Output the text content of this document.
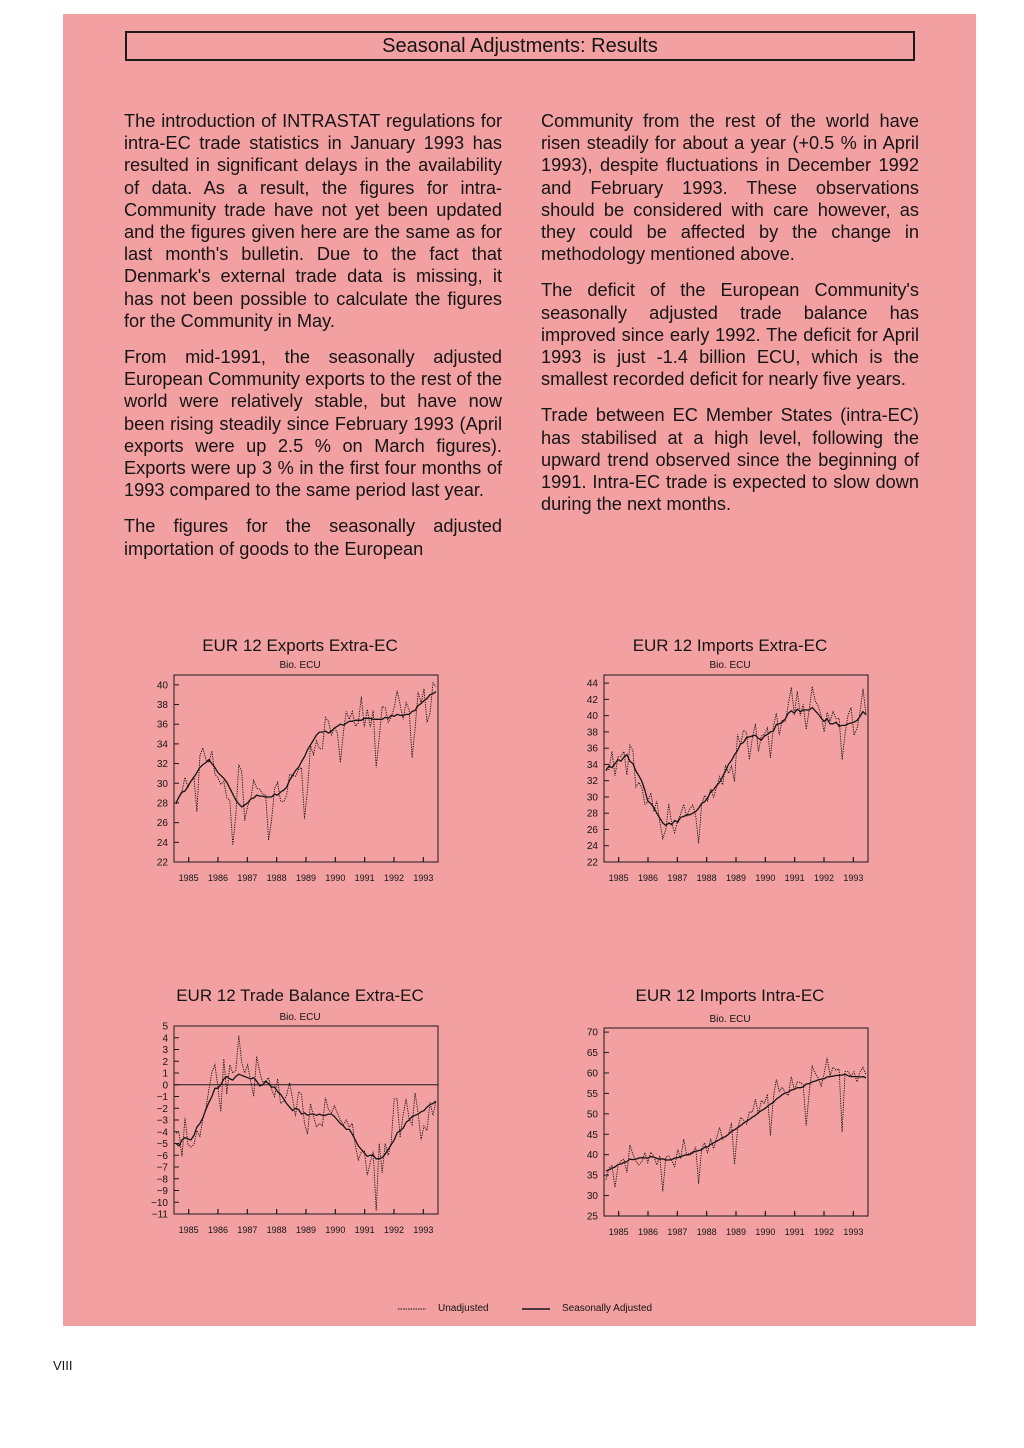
Seasonal Adjustments: Results

The introduction of INTRASTAT regulations for intra-EC trade statistics in January 1993 has resulted in significant delays in the availability of data. As a result, the figures for intra-Community trade have not yet been updated and the figures given here are the same as for last month's bulletin. Due to the fact that Denmark's external trade data is missing, it has not been possible to calculate the figures for the Community in May.

From mid-1991, the seasonally adjusted European Community exports to the rest of the world were relatively stable, but have now been rising steadily since February 1993 (April exports were up 2.5 % on March figures). Exports were up 3 % in the first four months of 1993 compared to the same period last year.

The figures for the seasonally adjusted importation of goods to the European

Community from the rest of the world have risen steadily for about a year (+0.5 % in April 1993), despite fluctuations in December 1992 and February 1993. These observations should be considered with care however, as they could be affected by the change in methodology mentioned above.

The deficit of the European Community's seasonally adjusted trade balance has improved since early 1992. The deficit for April 1993 is just -1.4 billion ECU, which is the smallest recorded deficit for nearly five years.

Trade between EC Member States (intra-EC) has stabilised at a high level, following the upward trend observed since the beginning of 1991. Intra-EC trade is expected to slow down during the next months.

EUR 12 Exports Extra-EC
Bio. ECU
22
24
26
28
30
32
34
36
38
40
1985 1986 1987 1988 1989 1990 1991 1992 1993
EUR 12 Imports Extra-EC
Bio. ECU
22
24
26
28
30
32
34
36
38
40
42
44
1985 1986 1987 1988 1989 1990 1991 1992 1993
EUR 12 Trade Balance Extra-EC
Bio. ECU
−11
−10
−9
−8
−7
−6
−5
−4
−3
−2
−1
0
1
2
3
4
5
1985 1986 1987 1988 1989 1990 1991 1992 1993
EUR 12 Imports Intra-EC
Bio. ECU
25
30
35
40
45
50
55
60
65
70
1985 1986 1987 1988 1989 1990 1991 1992 1993
Unadjusted	Seasonally Adjusted
VIII
